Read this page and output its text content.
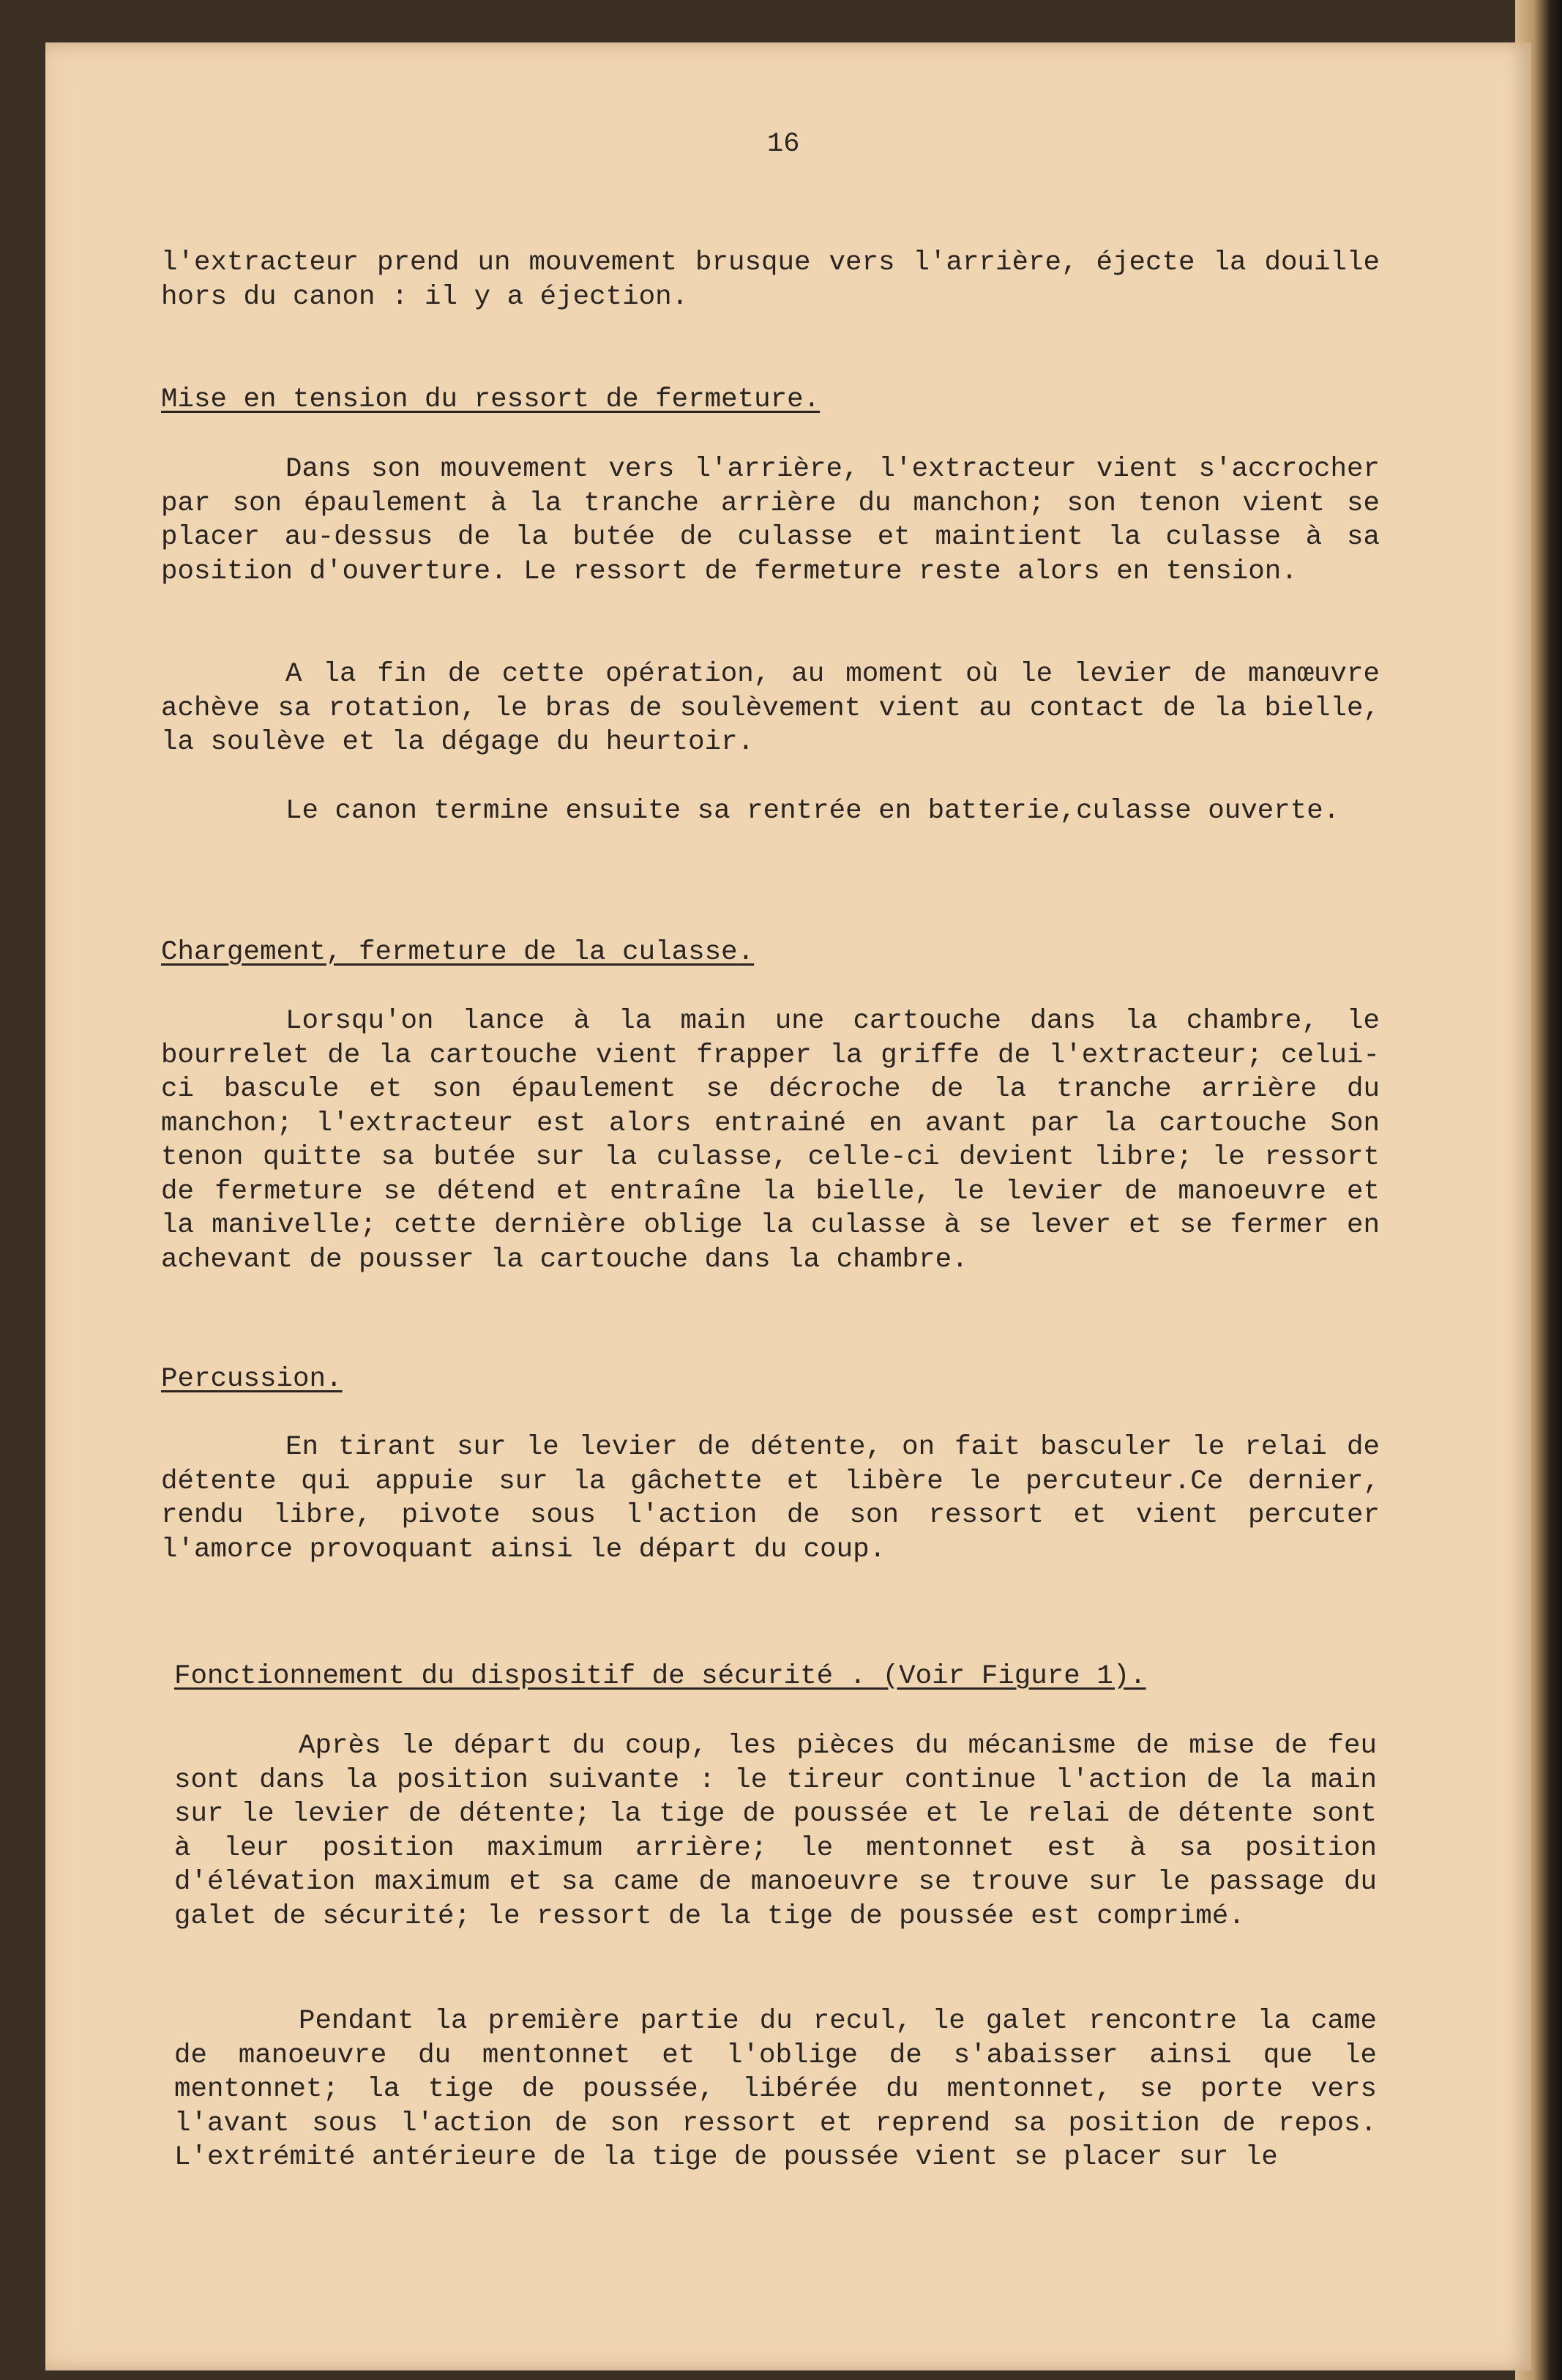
16

l'extracteur prend un mouvement brusque vers l'arrière, éjecte la douille hors du canon : il y a éjection.

Mise en tension du ressort de fermeture.

Dans son mouvement vers l'arrière, l'extracteur vient s'accrocher par son épaulement à la tranche arrière du manchon; son tenon vient se placer au-dessus de la butée de culasse et maintient la culasse à sa position d'ouverture. Le ressort de fermeture reste alors en tension.

A la fin de cette opération, au moment où le levier de manœuvre achève sa rotation, le bras de soulèvement vient au contact de la bielle, la soulève et la dégage du heurtoir.

Le canon termine ensuite sa rentrée en batterie,culasse ouverte.

Chargement, fermeture de la culasse.

Lorsqu'on lance à la main une cartouche dans la chambre, le bourrelet de la cartouche vient frapper la griffe de l'extracteur; celui-ci bascule et son épaulement se décroche de la tranche arrière du manchon; l'extracteur est alors entrainé en avant par la cartouche Son tenon quitte sa butée sur la culasse, celle-ci devient libre; le ressort de fermeture se détend et entraîne la bielle, le levier de manoeuvre et la manivelle; cette dernière oblige la culasse à se lever et se fermer en achevant de pousser la cartouche dans la chambre.

Percussion.

En tirant sur le levier de détente, on fait basculer le relai de détente qui appuie sur la gâchette et libère le percuteur.Ce dernier, rendu libre, pivote sous l'action de son ressort et vient percuter l'amorce provoquant ainsi le départ du coup.

Fonctionnement du dispositif de sécurité . (Voir Figure 1).

Après le départ du coup, les pièces du mécanisme de mise de feu sont dans la position suivante : le tireur continue l'action de la main sur le levier de détente; la tige de poussée et le relai de détente sont à leur position maximum arrière; le mentonnet est à sa position d'élévation maximum et sa came de manoeuvre se trouve sur le passage du galet de sécurité; le ressort de la tige de poussée est comprimé.

Pendant la première partie du recul, le galet rencontre la came de manoeuvre du mentonnet et l'oblige de s'abaisser ainsi que le mentonnet; la tige de poussée, libérée du mentonnet, se porte vers l'avant sous l'action de son ressort et reprend sa position de repos. L'extrémité antérieure de la tige de poussée vient se placer sur le
